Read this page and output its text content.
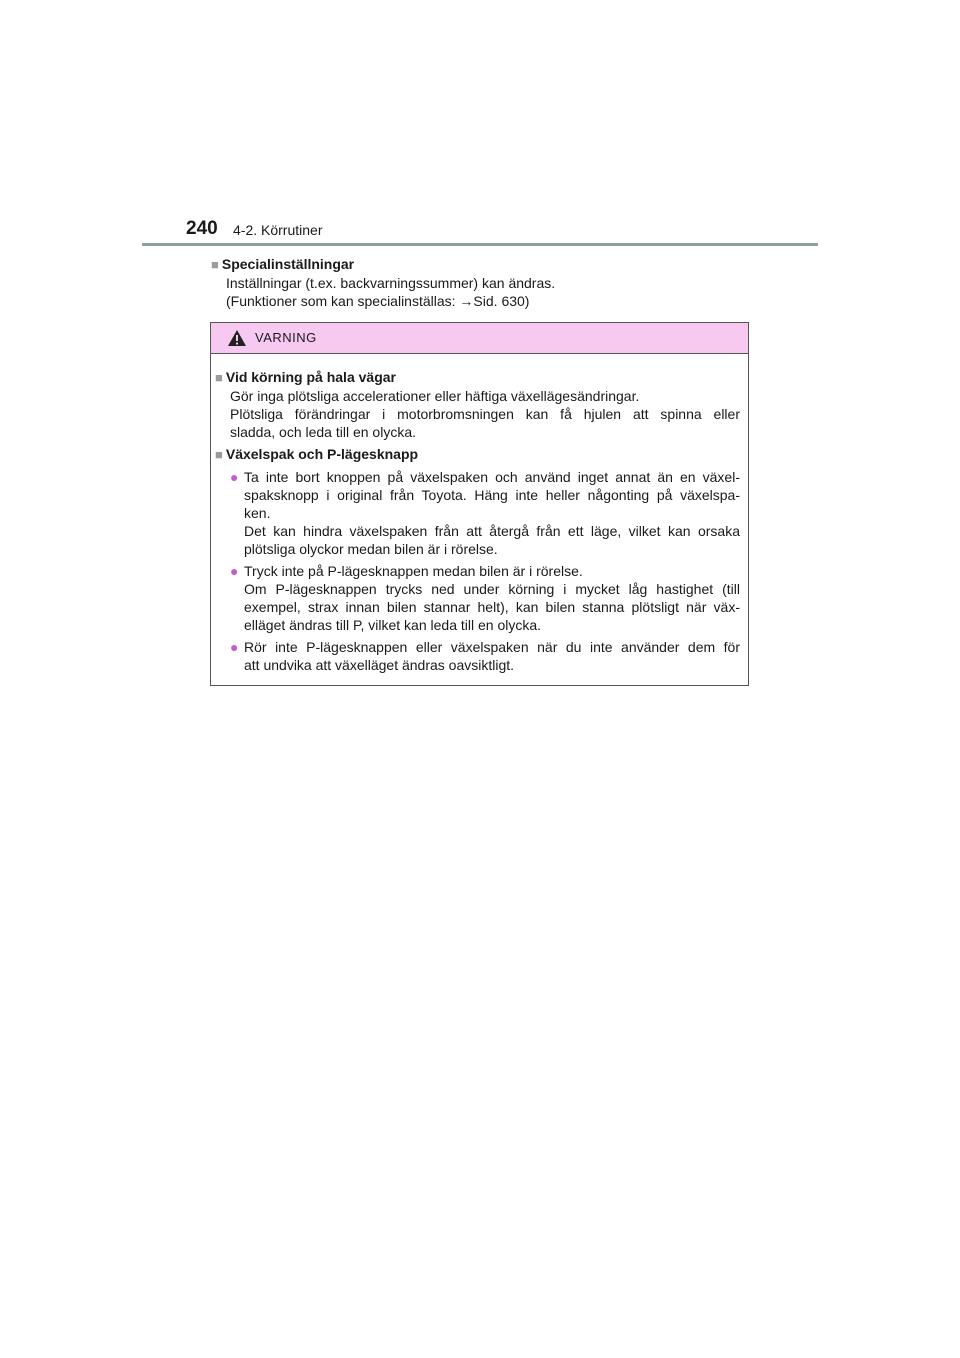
240 4-2. Körrutiner
■ Specialinställningar
Inställningar (t.ex. backvarningssummer) kan ändras.
(Funktioner som kan specialinställas: →Sid. 630)
VARNING
■ Vid körning på hala vägar
Gör inga plötsliga accelerationer eller häftiga växellägesändringar.
Plötsliga förändringar i motorbromsningen kan få hjulen att spinna eller
sladda, och leda till en olycka.
■ Växelspak och P-lägesknapp
● Ta inte bort knoppen på växelspaken och använd inget annat än en växel-
spaksknopp i original från Toyota. Häng inte heller någonting på växelspa-
ken.
Det kan hindra växelspaken från att återgå från ett läge, vilket kan orsaka
plötsliga olyckor medan bilen är i rörelse.
● Tryck inte på P-lägesknappen medan bilen är i rörelse.
Om P-lägesknappen trycks ned under körning i mycket låg hastighet (till
exempel, strax innan bilen stannar helt), kan bilen stanna plötsligt när väx-
elläget ändras till P, vilket kan leda till en olycka.
● Rör inte P-lägesknappen eller växelspaken när du inte använder dem för
att undvika att växelläget ändras oavsiktligt.
